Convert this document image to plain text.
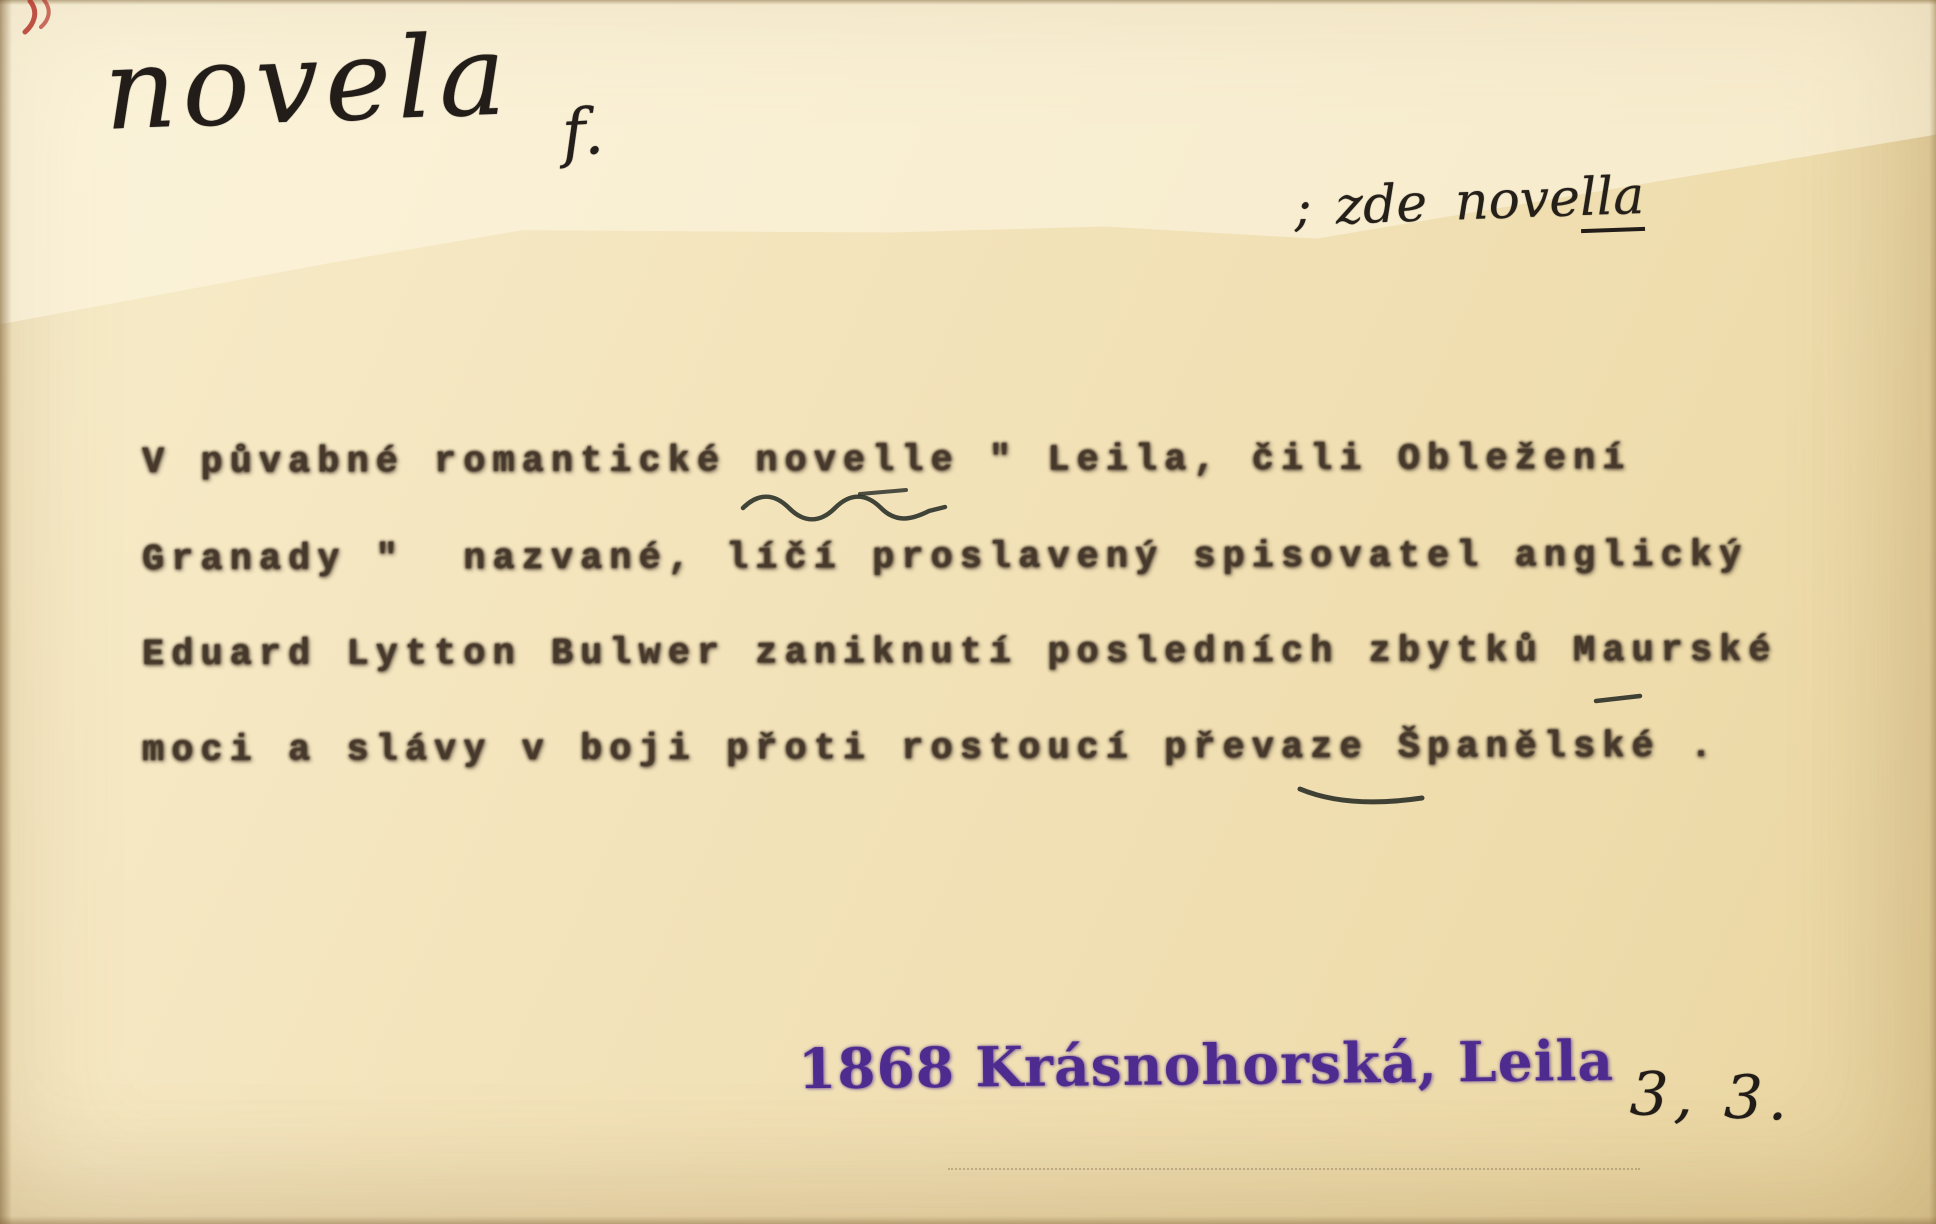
novela f.
; zde novella
V půvabné romantické novelle " Leila, čili Obležení
Granady "  nazvané, líčí proslavený spisovatel anglický
Eduard Lytton Bulwer zaniknutí posledních zbytků Maurské
moci a slávy v boji přoti rostoucí převaze Španělské .
1868 Krásnohorská, Leila 3, 3.
